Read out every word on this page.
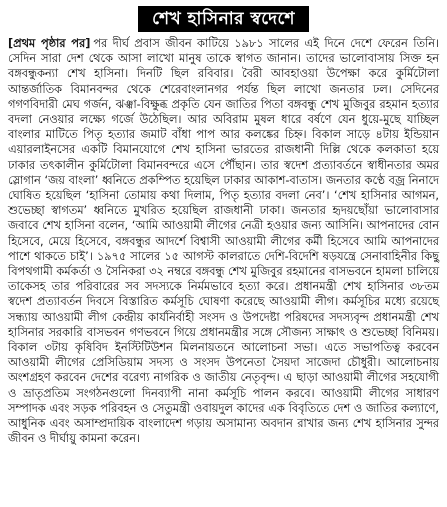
শেখ হাসিনার স্বদেশে

[প্রথম পৃষ্ঠার পর] পর দীর্ঘ প্রবাস জীবন কাটিয়ে ১৯৮১ সালের এই দিনে দেশে ফেরেন তিনি। সেদিন সারা দেশ থেকে আসা লাখো মানুষ তাকে স্বাগত জানান। তাদের ভালোবাসায় সিক্ত হন বঙ্গবন্ধুকন্যা শেখ হাসিনা। দিনটি ছিল রবিবার। বৈরী আবহাওয়া উপেক্ষা করে কুর্মিটোলা আন্তর্জাতিক বিমানবন্দর থেকে শেরেবাংলানগর পর্যন্ত ছিল লাখো জনতার ঢল। সেদিনের গগণবিদারী মেঘ গর্জন, ঝঞ্ঝা-বিক্ষুব্ধ প্রকৃতি যেন জাতির পিতা বঙ্গবন্ধু শেখ মুজিবুর রহমান হত্যার বদলা নেওয়ার লক্ষ্যে গর্জে উঠেছিল। আর অবিরাম মুষল ধারে বর্ষণে যেন ধুয়ে-মুছে যাচ্ছিল বাংলার মাটিতে পিতৃ হত্যার জমাট বাঁধা পাপ আর কলঙ্কের চিহ্ন। বিকাল সাড়ে ৪টায় ইন্ডিয়ান এয়ারলাইনসের একটি বিমানযোগে শেখ হাসিনা ভারতের রাজধানী দিল্লি থেকে কলকাতা হয়ে ঢাকার তৎকালীন কুর্মিটোলা বিমানবন্দরে এসে পৌঁছান। তার স্বদেশ প্রত্যাবর্তনে স্বাধীনতার অমর স্লোগান ‘জয় বাংলা’ ধ্বনিতে প্রকম্পিত হয়েছিল ঢাকার আকাশ-বাতাস। জনতার কণ্ঠে বজ্র নিনাদে ঘোষিত হয়েছিল ‘হাসিনা তোমায় কথা দিলাম, পিতৃ হত্যার বদলা নেব’। ‘শেখ হাসিনার আগমন, শুভেচ্ছা স্বাগতম’ ধ্বনিতে মুখরিত হয়েছিল রাজধানী ঢাকা। জনতার হৃদয়ছোঁয়া ভালোবাসার জবাবে শেখ হাসিনা বলেন, ‘আমি আওয়ামী লীগের নেত্রী হওয়ার জন্য আসিনি। আপনাদের বোন হিসেবে, মেয়ে হিসেবে, বঙ্গবন্ধুর আদর্শে বিশ্বাসী আওয়ামী লীগের কর্মী হিসেবে আমি আপনাদের পাশে থাকতে চাই’। ১৯৭৫ সালের ১৫ আগস্ট কালরাতে দেশি-বিদেশি ষড়যন্ত্রে সেনাবাহিনীর কিছু বিপথগামী কর্মকর্তা ও সৈনিকরা ৩২ নম্বরে বঙ্গবন্ধু শেখ মুজিবুর রহমানের বাসভবনে হামলা চালিয়ে তাকেসহ তার পরিবারের সব সদস্যকে নির্মমভাবে হত্যা করে। প্রধানমন্ত্রী শেখ হাসিনার ৩৮তম স্বদেশ প্রত্যাবর্তন দিবসে বিস্তারিত কর্মসূচি ঘোষণা করেছে আওয়ামী লীগ। কর্মসূচির মধ্যে রয়েছে সন্ধ্যায় আওয়ামী লীগ কেন্দ্রীয় কার্যনির্বাহী সংসদ ও উপদেষ্টা পরিষদের সদস্যবৃন্দ প্রধানমন্ত্রী শেখ হাসিনার সরকারি বাসভবন গণভবনে গিয়ে প্রধানমন্ত্রীর সঙ্গে সৌজন্য সাক্ষাৎ ও শুভেচ্ছা বিনিময়। বিকাল ৩টায় কৃষিবিদ ইনস্টিটিউশন মিলনায়তনে আলোচনা সভা। এতে সভাপতিত্ব করবেন আওয়ামী লীগের প্রেসিডিয়াম সদস্য ও সংসদ উপনেতা সৈয়দা সাজেদা চৌধুরী। আলোচনায় অংশগ্রহণ করবেন দেশের বরেণ্য নাগরিক ও জাতীয় নেতৃবৃন্দ। এ ছাড়া আওয়ামী লীগের সহযোগী ও ভ্রাতৃপ্রতিম সংগঠনগুলো দিনব্যাপী নানা কর্মসূচি পালন করবে। আওয়ামী লীগের সাধারণ সম্পাদক এবং সড়ক পরিবহন ও সেতুমন্ত্রী ওবায়দুল কাদের এক বিবৃতিতে দেশ ও জাতির কল্যাণে, আধুনিক এবং অসাম্প্রদায়িক বাংলাদেশ গড়ায় অসামান্য অবদান রাখার জন্য শেখ হাসিনার সুন্দর জীবন ও দীর্ঘায়ু কামনা করেন।
